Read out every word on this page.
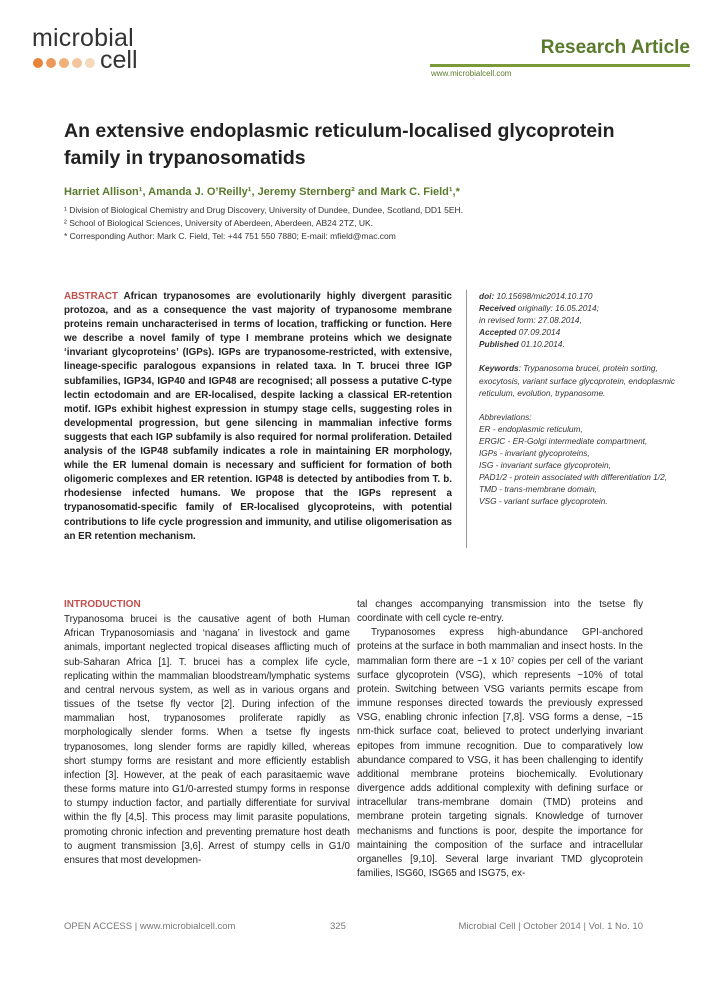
microbial
cell	Research Article
www.microbialcell.com
An extensive endoplasmic reticulum-localised glycoprotein family in trypanosomatids
Harriet Allison¹, Amanda J. O’Reilly¹, Jeremy Sternberg² and Mark C. Field¹,*
¹ Division of Biological Chemistry and Drug Discovery, University of Dundee, Dundee, Scotland, DD1 5EH.
² School of Biological Sciences, University of Aberdeen, Aberdeen, AB24 2TZ, UK.
* Corresponding Author: Mark C. Field, Tel: +44 751 550 7880; E-mail: mfield@mac.com
ABSTRACT African trypanosomes are evolutionarily highly divergent parasitic protozoa, and as a consequence the vast majority of trypanosome membrane proteins remain uncharacterised in terms of location, trafficking or function. Here we describe a novel family of type I membrane proteins which we designate ‘invariant glycoproteins’ (IGPs). IGPs are trypanosome-restricted, with extensive, lineage-specific paralogous expansions in related taxa. In T. brucei three IGP subfamilies, IGP34, IGP40 and IGP48 are recognised; all possess a putative C-type lectin ectodomain and are ER-localised, despite lacking a classical ER-retention motif. IGPs exhibit highest expression in stumpy stage cells, suggesting roles in developmental progression, but gene silencing in mammalian infective forms suggests that each IGP subfamily is also required for normal proliferation. Detailed analysis of the IGP48 subfamily indicates a role in maintaining ER morphology, while the ER lumenal domain is necessary and sufficient for formation of both oligomeric complexes and ER retention. IGP48 is detected by antibodies from T. b. rhodesiense infected humans. We propose that the IGPs represent a trypanosomatid-specific family of ER-localised glycoproteins, with potential contributions to life cycle progression and immunity, and utilise oligomerisation as an ER retention mechanism.
doi: 10.15698/mic2014.10.170
Received originally: 16.05.2014;
in revised form: 27.08.2014,
Accepted 07.09.2014
Published 01.10.2014.
Keywords: Trypanosoma brucei, protein sorting, exocytosis, variant surface glycoprotein, endoplasmic reticulum, evolution, trypanosome.
Abbreviations:
ER - endoplasmic reticulum,
ERGIC - ER-Golgi intermediate compartment,
IGPs - invariant glycoproteins,
ISG - invariant surface glycoprotein,
PAD1/2 - protein associated with differentiation 1/2,
TMD - trans-membrane domain,
VSG - variant surface glycoprotein.
INTRODUCTION

Trypanosoma brucei is the causative agent of both Human African Trypanosomiasis and ‘nagana’ in livestock and game animals, important neglected tropical diseases afflicting much of sub-Saharan Africa [1]. T. brucei has a complex life cycle, replicating within the mammalian bloodstream/lymphatic systems and central nervous system, as well as in various organs and tissues of the tsetse fly vector [2]. During infection of the mammalian host, trypanosomes proliferate rapidly as morphologically slender forms. When a tsetse fly ingests trypanosomes, long slender forms are rapidly killed, whereas short stumpy forms are resistant and more efficiently establish infection [3]. However, at the peak of each parasitaemic wave these forms mature into G1/0-arrested stumpy forms in response to stumpy induction factor, and partially differentiate for survival within the fly [4,5]. This process may limit parasite populations, promoting chronic infection and preventing premature host death to augment transmission [3,6]. Arrest of stumpy cells in G1/0 ensures that most developmen-

tal changes accompanying transmission into the tsetse fly coordinate with cell cycle re-entry.

Trypanosomes express high-abundance GPI-anchored proteins at the surface in both mammalian and insect hosts. In the mammalian form there are ~1 x 10⁷ copies per cell of the variant surface glycoprotein (VSG), which represents ~10% of total protein. Switching between VSG variants permits escape from immune responses directed towards the previously expressed VSG, enabling chronic infection [7,8]. VSG forms a dense, ~15 nm-thick surface coat, believed to protect underlying invariant epitopes from immune recognition. Due to comparatively low abundance compared to VSG, it has been challenging to identify additional membrane proteins biochemically. Evolutionary divergence adds additional complexity with defining surface or intracellular trans-membrane domain (TMD) proteins and membrane protein targeting signals. Knowledge of turnover mechanisms and functions is poor, despite the importance for maintaining the composition of the surface and intracellular organelles [9,10]. Several large invariant TMD glycoprotein families, ISG60, ISG65 and ISG75, ex-

OPEN ACCESS | www.microbialcell.com	325	Microbial Cell | October 2014 | Vol. 1 No. 10
